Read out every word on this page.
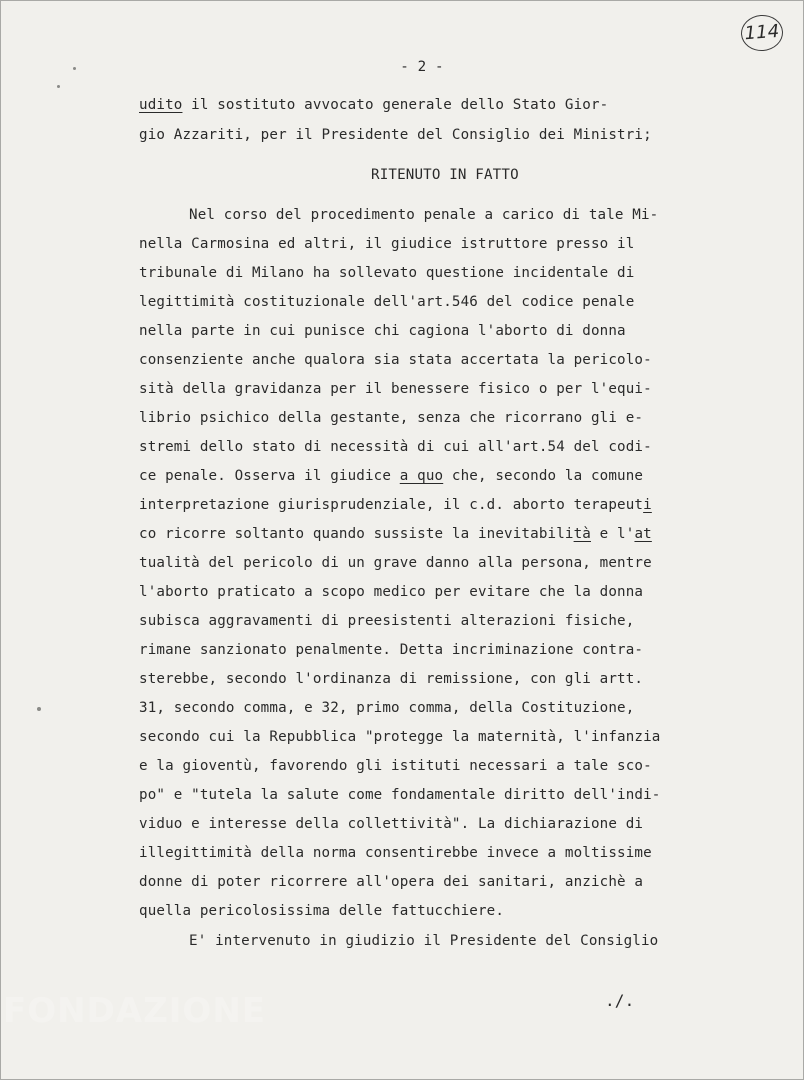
FONDAZIONE
114
- 2 -
udito il sostituto avvocato generale dello Stato Gior-
gio Azzariti, per il Presidente del Consiglio dei Ministri;
RITENUTO IN FATTO
Nel corso del procedimento penale a carico di tale Mi-
nella Carmosina ed altri, il giudice istruttore presso il
tribunale di Milano ha sollevato questione incidentale di
legittimità costituzionale dell'art.546 del codice penale
nella parte in cui punisce chi cagiona l'aborto di donna
consenziente anche qualora sia stata accertata la pericolo-
sità della gravidanza per il benessere fisico o per l'equi-
librio psichico della gestante, senza che ricorrano gli e-
stremi dello stato di necessità di cui all'art.54 del codi-
ce penale. Osserva il giudice a quo che, secondo la comune
interpretazione giurisprudenziale, il c.d. aborto terapeuti
co ricorre soltanto quando sussiste la inevitabilità e l'at
tualità del pericolo di un grave danno alla persona, mentre
l'aborto praticato a scopo medico per evitare che la donna
subisca aggravamenti di preesistenti alterazioni fisiche,
rimane sanzionato penalmente. Detta incriminazione contra-
sterebbe, secondo l'ordinanza di remissione, con gli artt.
31, secondo comma, e 32, primo comma, della Costituzione,
secondo cui la Repubblica "protegge la maternità, l'infanzia
e la gioventù, favorendo gli istituti necessari a tale sco-
po" e "tutela la salute come fondamentale diritto dell'indi-
viduo e interesse della collettività". La dichiarazione di
illegittimità della norma consentirebbe invece a moltissime
donne di poter ricorrere all'opera dei sanitari, anzichè a
quella pericolosissima delle fattucchiere.
E' intervenuto in giudizio il Presidente del Consiglio
./.
